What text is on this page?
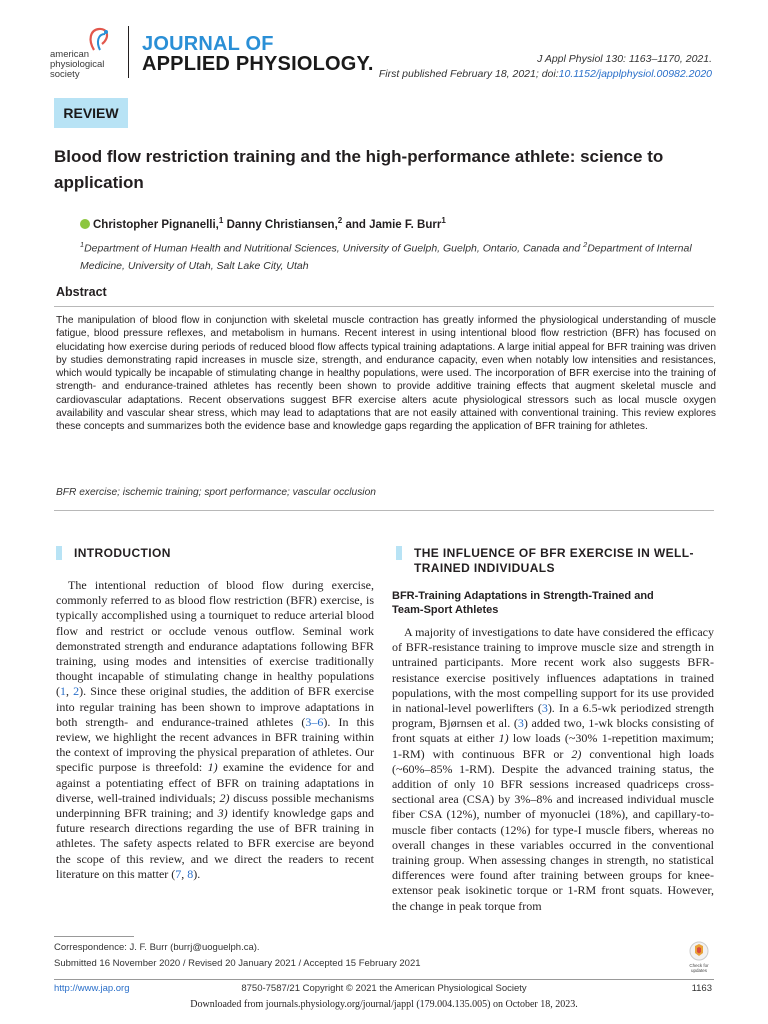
american
physiological
society
JOURNAL OF
APPLIED PHYSIOLOGY.	J Appl Physiol 130: 1163–1170, 2021.
First published February 18, 2021; doi:10.1152/japplphysiol.00982.2020
REVIEW
Blood flow restriction training and the high-performance athlete: science to application
Christopher Pignanelli,$^1$ Danny Christiansen,$^2$ and Jamie F. Burr$^1$
$^1$Department of Human Health and Nutritional Sciences, University of Guelph, Guelph, Ontario, Canada and $^2$Department of Internal Medicine, University of Utah, Salt Lake City, Utah
Abstract
The manipulation of blood flow in conjunction with skeletal muscle contraction has greatly informed the physiological understanding of muscle fatigue, blood pressure reflexes, and metabolism in humans. Recent interest in using intentional blood flow restriction (BFR) has focused on elucidating how exercise during periods of reduced blood flow affects typical training adaptations. A large initial appeal for BFR training was driven by studies demonstrating rapid increases in muscle size, strength, and endurance capacity, even when notably low intensities and resistances, which would typically be incapable of stimulating change in healthy populations, were used. The incorporation of BFR exercise into the training of strength- and endurance-trained athletes has recently been shown to provide additive training effects that augment skeletal muscle and cardiovascular adaptations. Recent observations suggest BFR exercise alters acute physiological stressors such as local muscle oxygen availability and vascular shear stress, which may lead to adaptations that are not easily attained with conventional training. This review explores these concepts and summarizes both the evidence base and knowledge gaps regarding the application of BFR training for athletes.
BFR exercise; ischemic training; sport performance; vascular occlusion
INTRODUCTION
The intentional reduction of blood flow during exercise, commonly referred to as blood flow restriction (BFR) exercise, is typically accomplished using a tourniquet to reduce arterial blood flow and restrict or occlude venous outflow. Seminal work demonstrated strength and endurance adaptations following BFR training, using modes and intensities of exercise traditionally thought incapable of stimulating change in healthy populations (1, 2). Since these original studies, the addition of BFR exercise into regular training has been shown to improve adaptations in both strength- and endurance-trained athletes (3–6). In this review, we highlight the recent advances in BFR training within the context of improving the physical preparation of athletes. Our specific purpose is threefold: 1) examine the evidence for and against a potentiating effect of BFR on training adaptations in diverse, well-trained individuals; 2) discuss possible mechanisms underpinning BFR training; and 3) identify knowledge gaps and future research directions regarding the use of BFR training in athletes. The safety aspects related to BFR exercise are beyond the scope of this review, and we direct the readers to recent literature on this matter (7, 8).
THE INFLUENCE OF BFR EXERCISE IN WELL-
TRAINED INDIVIDUALS
BFR-Training Adaptations in Strength-Trained and
Team-Sport Athletes
A majority of investigations to date have considered the efficacy of BFR-resistance training to improve muscle size and strength in untrained participants. More recent work also suggests BFR-resistance exercise positively influences adaptations in trained populations, with the most compelling support for its use provided in national-level powerlifters (3). In a 6.5-wk periodized strength program, Bjørnsen et al. (3) added two, 1-wk blocks consisting of front squats at either 1) low loads (~30% 1-repetition maximum; 1-RM) with continuous BFR or 2) conventional high loads (~60%–85% 1-RM). Despite the advanced training status, the addition of only 10 BFR sessions increased quadriceps cross-sectional area (CSA) by 3%–8% and increased individual muscle fiber CSA (12%), number of myonuclei (18%), and capillary-to-muscle fiber contacts (12%) for type-I muscle fibers, whereas no overall changes in these variables occurred in the conventional training group. When assessing changes in strength, no statistical differences were found after training between groups for knee-extensor peak isokinetic torque or 1-RM front squats. However, the change in peak torque from
Correspondence: J. F. Burr (burrj@uoguelph.ca).
Submitted 16 November 2020 / Revised 20 January 2021 / Accepted 15 February 2021	Check for
updates
http://www.jap.org	8750-7587/21 Copyright © 2021 the American Physiological Society	1163
Downloaded from journals.physiology.org/journal/jappl (179.004.135.005) on October 18, 2023.
